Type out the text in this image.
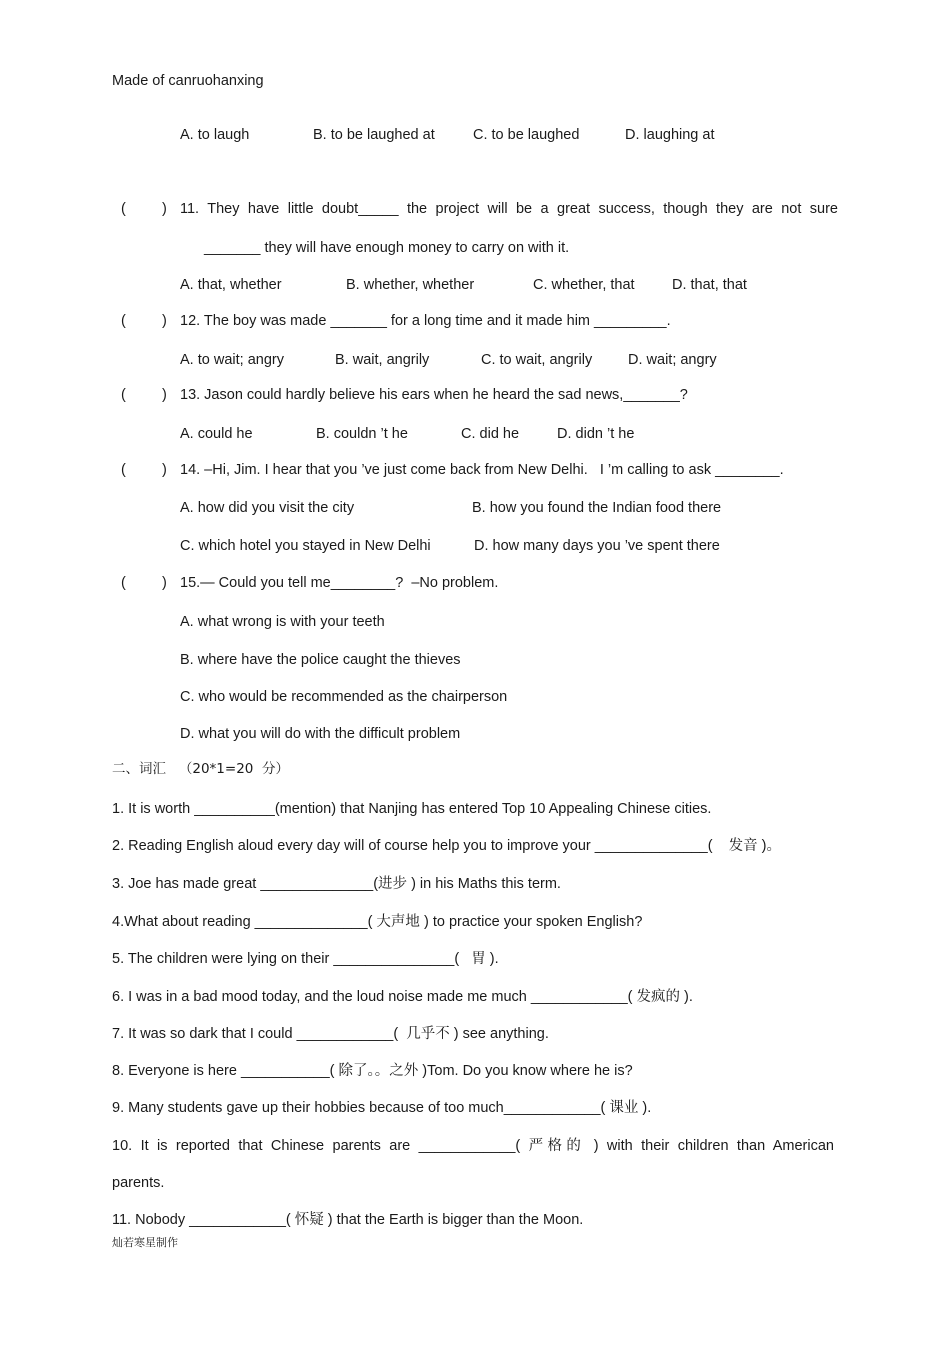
Made of canruohanxing
A. to laugh	B. to be laughed at	C. to be laughed	D. laughing at
( ) 11. They have little doubt_____ the project will be a great success, though they are not sure
_______ they will have enough money to carry on with it.
A. that, whether	B. whether, whether	C. whether, that	D. that, that
( ) 12. The boy was made _______ for a long time and it made him _________.
A. to wait; angry	B. wait, angrily	C. to wait, angrily D. wait; angry
( ) 13. Jason could hardly believe his ears when he heard the sad news,_______?
A. could he	B. couldn ’t he	C. did he	D. didn ’t he
( ) 14. –Hi, Jim. I hear that you ’ve just come back from New Delhi.   I ’m calling to ask ________.
A. how did you visit the city	B. how you found the Indian food there
C. which hotel you stayed in New Delhi	D. how many days you ’ve spent there
( ) 15.— Could you tell me________?  –No problem.
A. what wrong is with your teeth
B. where have the police caught the thieves
C. who would be recommended as the chairperson
D. what you will do with the difficult problem
二、词汇   （20*1=20  分）
1. It is worth __________(mention) that Nanjing has entered Top 10 Appealing Chinese cities.
2. Reading English aloud every day will of course help you to improve your ______________(    发音 )。
3. Joe has made great ______________(进步 ) in his Maths this term.
4.What about reading ______________( 大声地 ) to practice your spoken English?
5. The children were lying on their _______________(   胃 ).
6. I was in a bad mood today, and the loud noise made me much ____________( 发疯的 ).
7. It was so dark that I could ____________(  几乎不 ) see anything.
8. Everyone is here ___________( 除了。。之外 )Tom. Do you know where he is?
9. Many students gave up their hobbies because of too much____________( 课业 ).
10. It is reported that Chinese parents are ____________( 严格的 ) with their children than American
parents.
11. Nobody ____________( 怀疑 ) that the Earth is bigger than the Moon.
灿若寒星制作
